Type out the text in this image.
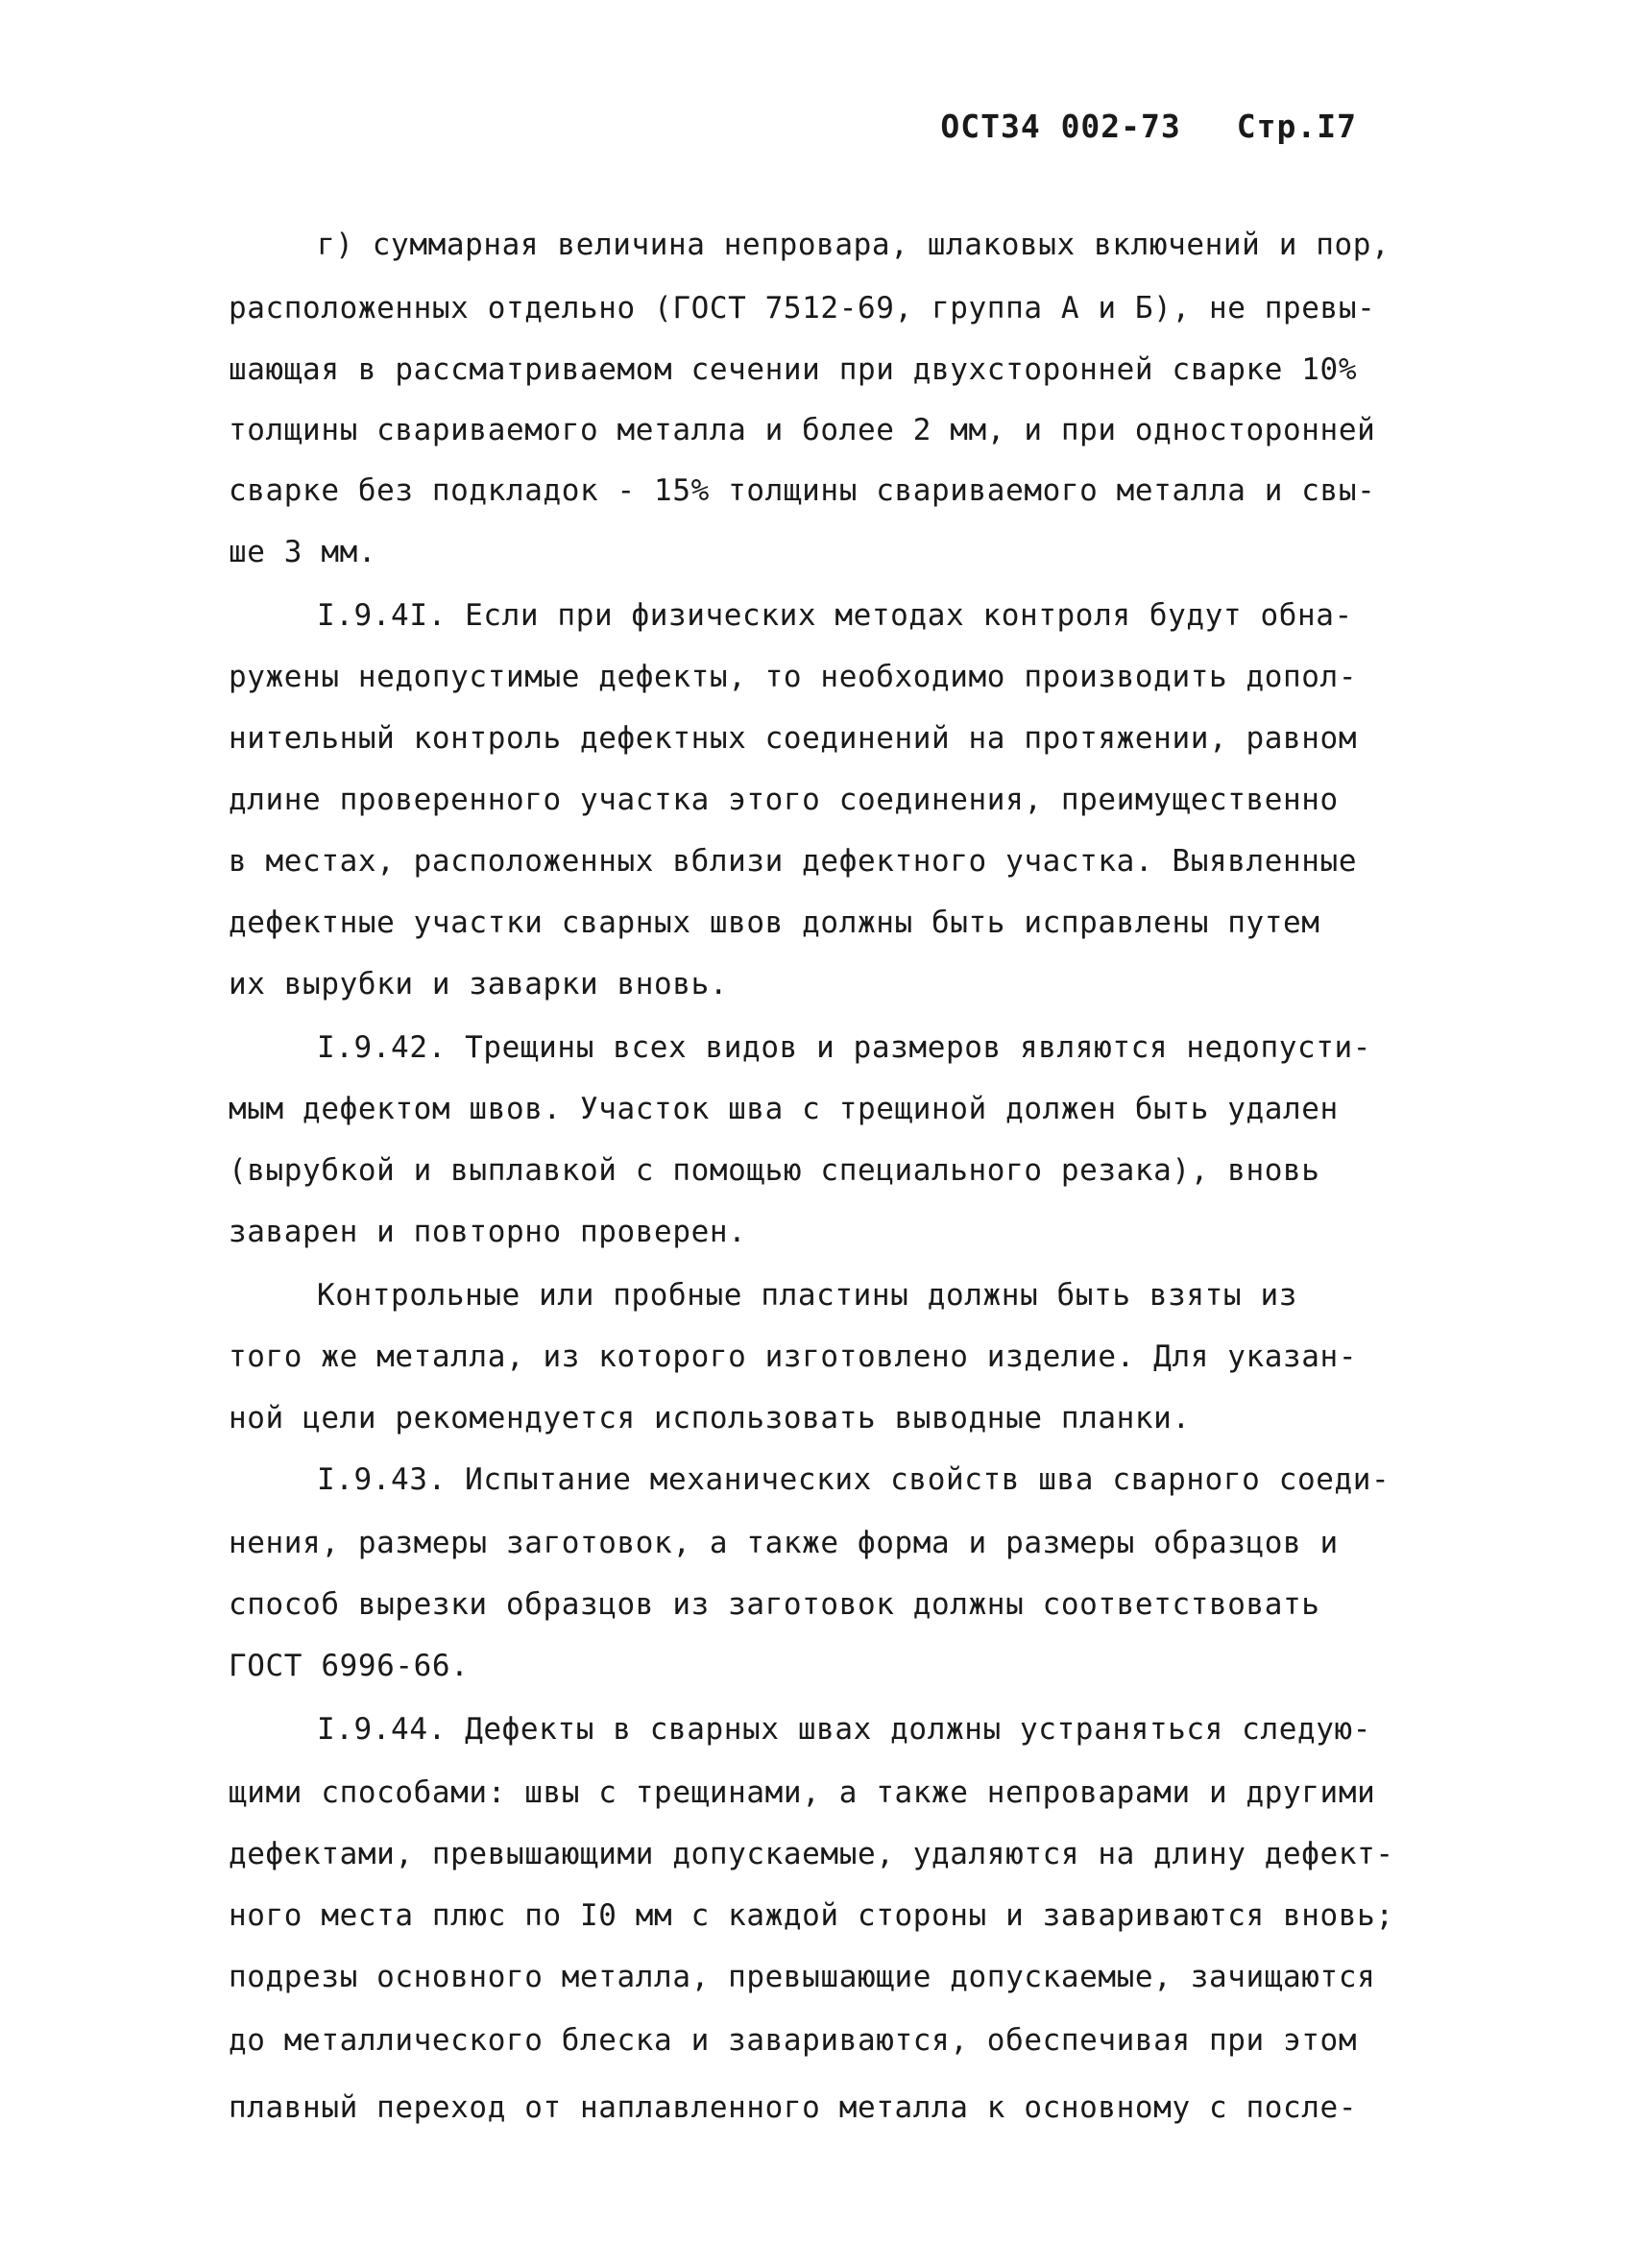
ОСТ34 002-73 Стр.I7
г) суммарная величина непровара, шлаковых включений и пор,
расположенных отдельно (ГОСТ 7512-69, группа А и Б), не превы-
шающая в рассматриваемом сечении при двухсторонней сварке 10%
толщины свариваемого металла и более 2 мм, и при односторонней
сварке без подкладок - 15% толщины свариваемого металла и свы-
ше 3 мм.
I.9.4I. Если при физических методах контроля будут обна-
ружены недопустимые дефекты, то необходимо производить допол-
нительный контроль дефектных соединений на протяжении, равном
длине проверенного участка этого соединения, преимущественно
в местах, расположенных вблизи дефектного участка. Выявленные
дефектные участки сварных швов должны быть исправлены путем
их вырубки и заварки вновь.
I.9.42. Трещины всех видов и размеров являются недопусти-
мым дефектом швов. Участок шва с трещиной должен быть удален
(вырубкой и выплавкой с помощью специального резака), вновь
заварен и повторно проверен.
Контрольные или пробные пластины должны быть взяты из
того же металла, из которого изготовлено изделие. Для указан-
ной цели рекомендуется использовать выводные планки.
I.9.43. Испытание механических свойств шва сварного соеди-
нения, размеры заготовок, а также форма и размеры образцов и
способ вырезки образцов из заготовок должны соответствовать
ГОСТ 6996-66.
I.9.44. Дефекты в сварных швах должны устраняться следую-
щими способами: швы с трещинами, а также непроварами и другими
дефектами, превышающими допускаемые, удаляются на длину дефект-
ного места плюс по I0 мм с каждой стороны и завариваются вновь;
подрезы основного металла, превышающие допускаемые, зачищаются
до металлического блеска и завариваются, обеспечивая при этом
плавный переход от наплавленного металла к основному с после-
